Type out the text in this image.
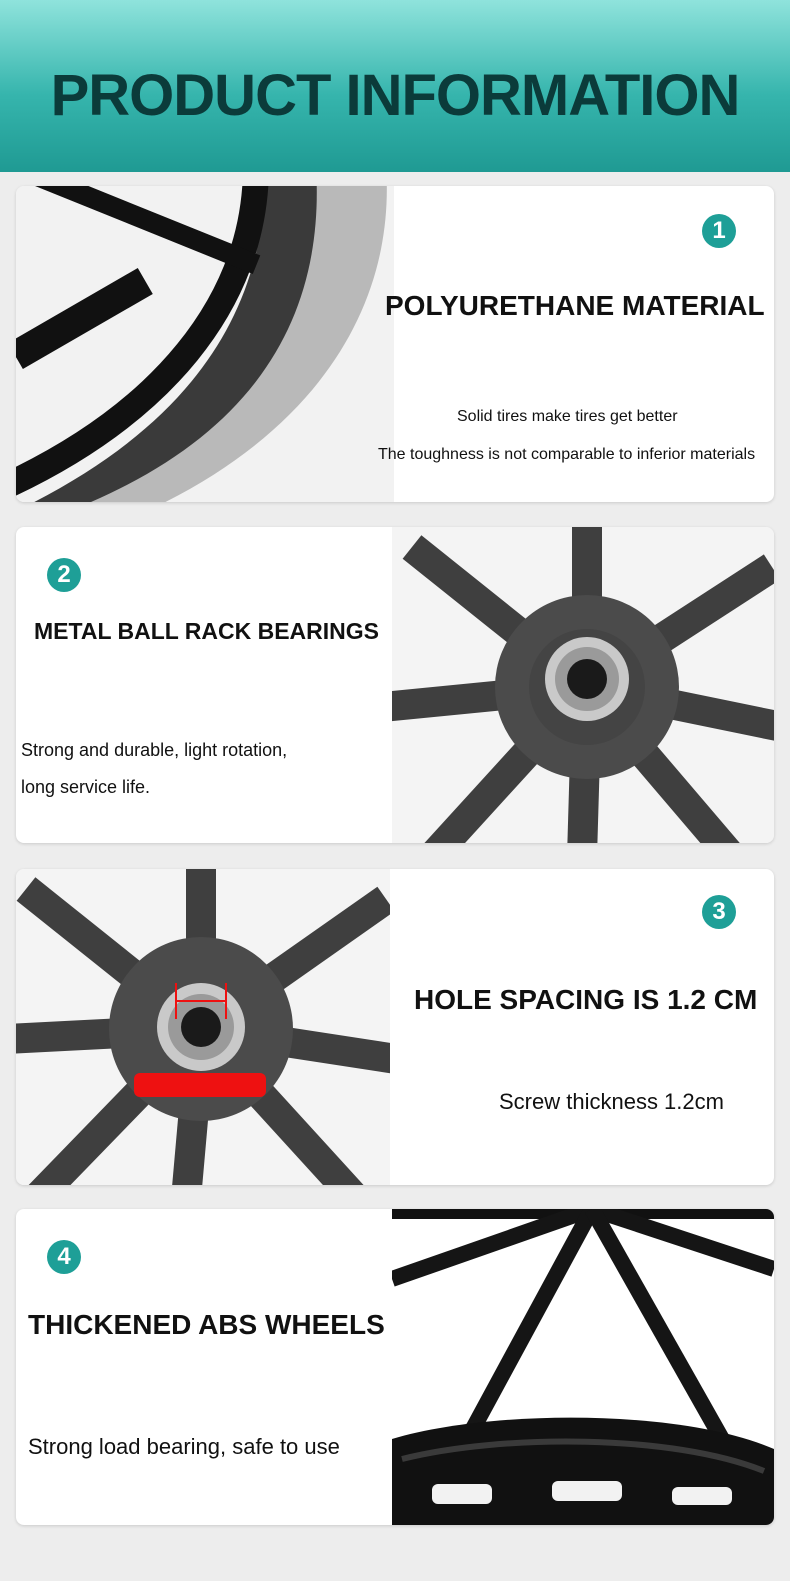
PRODUCT INFORMATION
1
POLYURETHANE MATERIAL
Solid tires make tires get better
The toughness is not comparable to inferior materials
2
METAL BALL RACK BEARINGS
Strong and durable, light rotation,
long service life.
3
HOLE SPACING IS 1.2 CM
Screw thickness 1.2cm
4
THICKENED ABS WHEELS
Strong load bearing, safe to use
